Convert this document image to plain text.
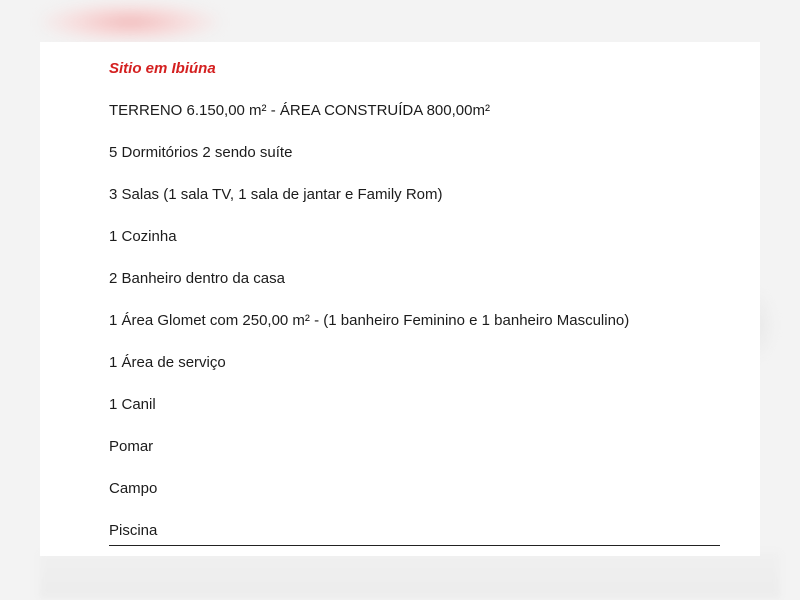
Sitio em Ibiúna
TERRENO 6.150,00 m² - ÁREA CONSTRUÍDA 800,00m²
5 Dormitórios 2 sendo suíte
3 Salas (1 sala TV, 1 sala de jantar e Family Rom)
1 Cozinha
2 Banheiro dentro da casa
1 Área Glomet com 250,00 m² - (1 banheiro Feminino e 1 banheiro Masculino)
1 Área de serviço
1 Canil
Pomar
Campo
Piscina
